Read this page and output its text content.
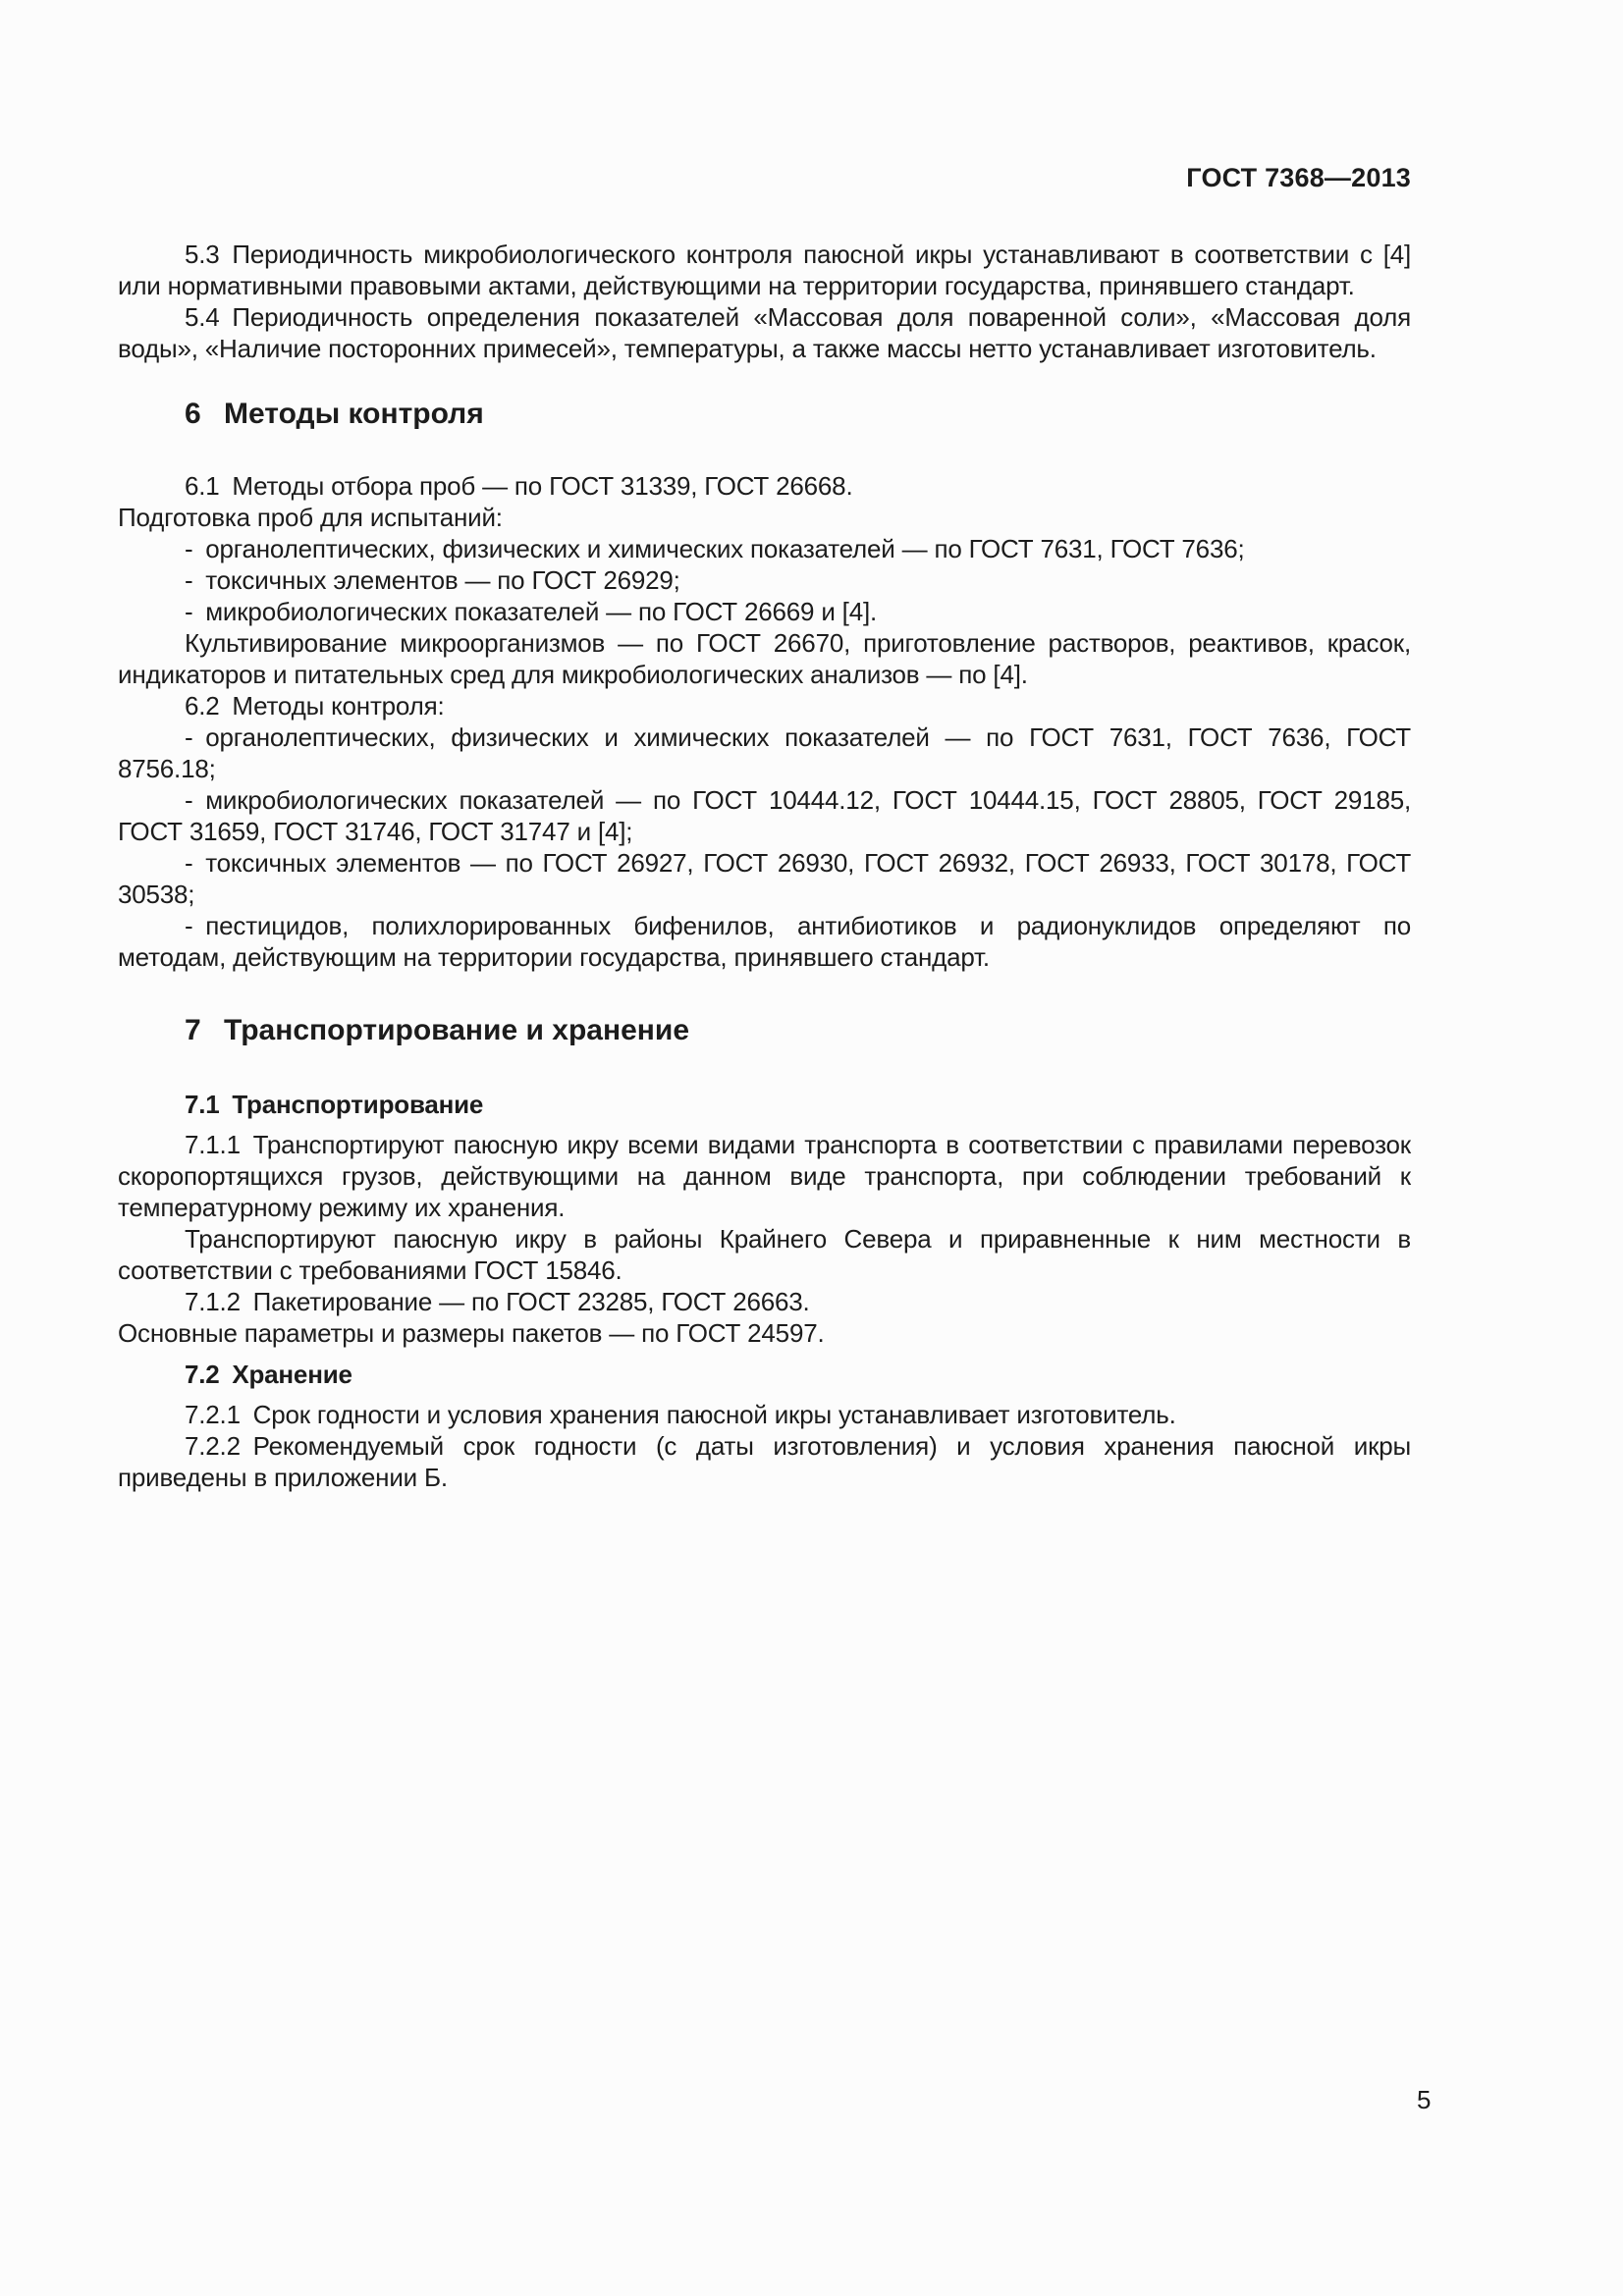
ГОСТ 7368—2013

5.3 Периодичность микробиологического контроля паюсной икры устанавливают в соответствии с [4] или нормативными правовыми актами, действующими на территории государства, принявшего стандарт.

5.4 Периодичность определения показателей «Массовая доля поваренной соли», «Массовая доля воды», «Наличие посторонних примесей», температуры, а также массы нетто устанавливает изготовитель.

6  Методы контроля

6.1 Методы отбора проб — по ГОСТ 31339, ГОСТ 26668.

Подготовка проб для испытаний:

- органолептических, физических и химических показателей — по ГОСТ 7631, ГОСТ 7636;

- токсичных элементов — по ГОСТ 26929;

- микробиологических показателей — по ГОСТ 26669 и [4].

Культивирование микроорганизмов — по ГОСТ 26670, приготовление растворов, реактивов, красок, индикаторов и питательных сред для микробиологических анализов — по [4].

6.2 Методы контроля:

- органолептических, физических и химических показателей — по ГОСТ 7631, ГОСТ 7636, ГОСТ 8756.18;

- микробиологических показателей — по ГОСТ 10444.12, ГОСТ 10444.15, ГОСТ 28805, ГОСТ 29185, ГОСТ 31659, ГОСТ 31746, ГОСТ 31747 и [4];

- токсичных элементов — по ГОСТ 26927, ГОСТ 26930, ГОСТ 26932, ГОСТ 26933, ГОСТ 30178, ГОСТ 30538;

- пестицидов, полихлорированных бифенилов, антибиотиков и радионуклидов определяют по методам, действующим на территории государства, принявшего стандарт.

7  Транспортирование и хранение

7.1 Транспортирование

7.1.1 Транспортируют паюсную икру всеми видами транспорта в соответствии с правилами перевозок скоропортящихся грузов, действующими на данном виде транспорта, при соблюдении требований к температурному режиму их хранения.

Транспортируют паюсную икру в районы Крайнего Севера и приравненные к ним местности в соответствии с требованиями ГОСТ 15846.

7.1.2 Пакетирование — по ГОСТ 23285, ГОСТ 26663.

Основные параметры и размеры пакетов — по ГОСТ 24597.

7.2 Хранение

7.2.1 Срок годности и условия хранения паюсной икры устанавливает изготовитель.

7.2.2 Рекомендуемый срок годности (с даты изготовления) и условия хранения паюсной икры приведены в приложении Б.

5
